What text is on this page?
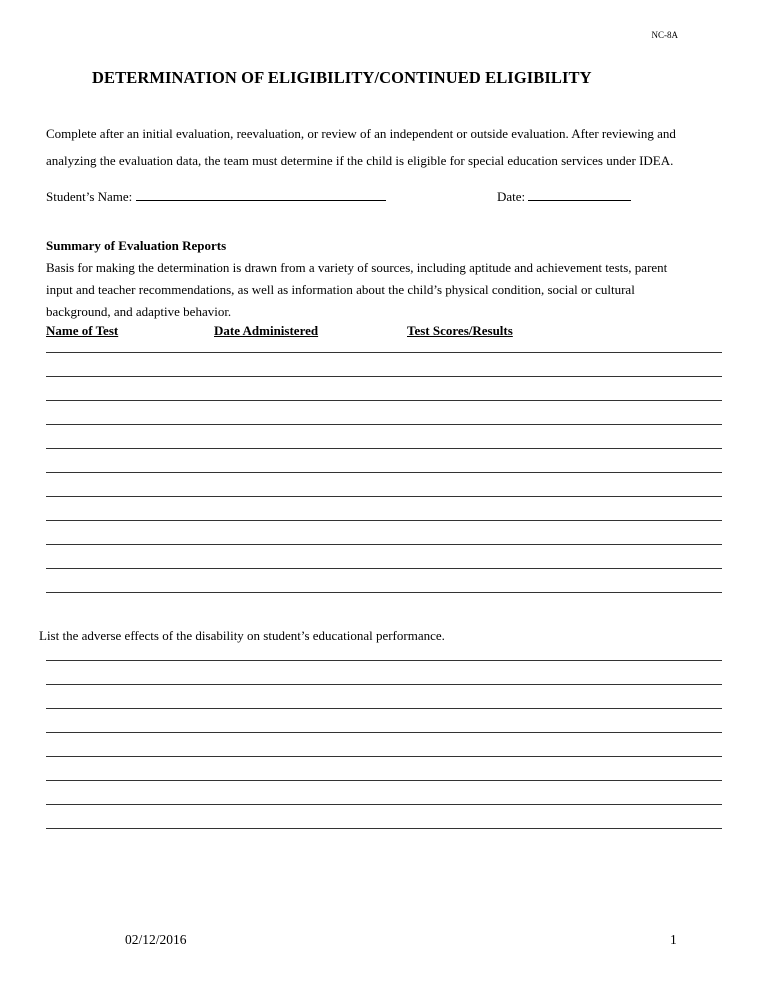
NC-8A
DETERMINATION OF ELIGIBILITY/CONTINUED ELIGIBILITY

Complete after an initial evaluation, reevaluation, or review of an independent or outside evaluation. After reviewing and

analyzing the evaluation data, the team must determine if the child is eligible for special education services under IDEA.

Student’s Name:	Date:

Summary of Evaluation Reports

Basis for making the determination is drawn from a variety of sources, including aptitude and achievement tests, parent

input and teacher recommendations, as well as information about the child’s physical condition, social or cultural

background, and adaptive behavior.

Name of Test	Date Administered	Test Scores/Results
List the adverse effects of the disability on student’s educational performance.
02/12/2016	1
